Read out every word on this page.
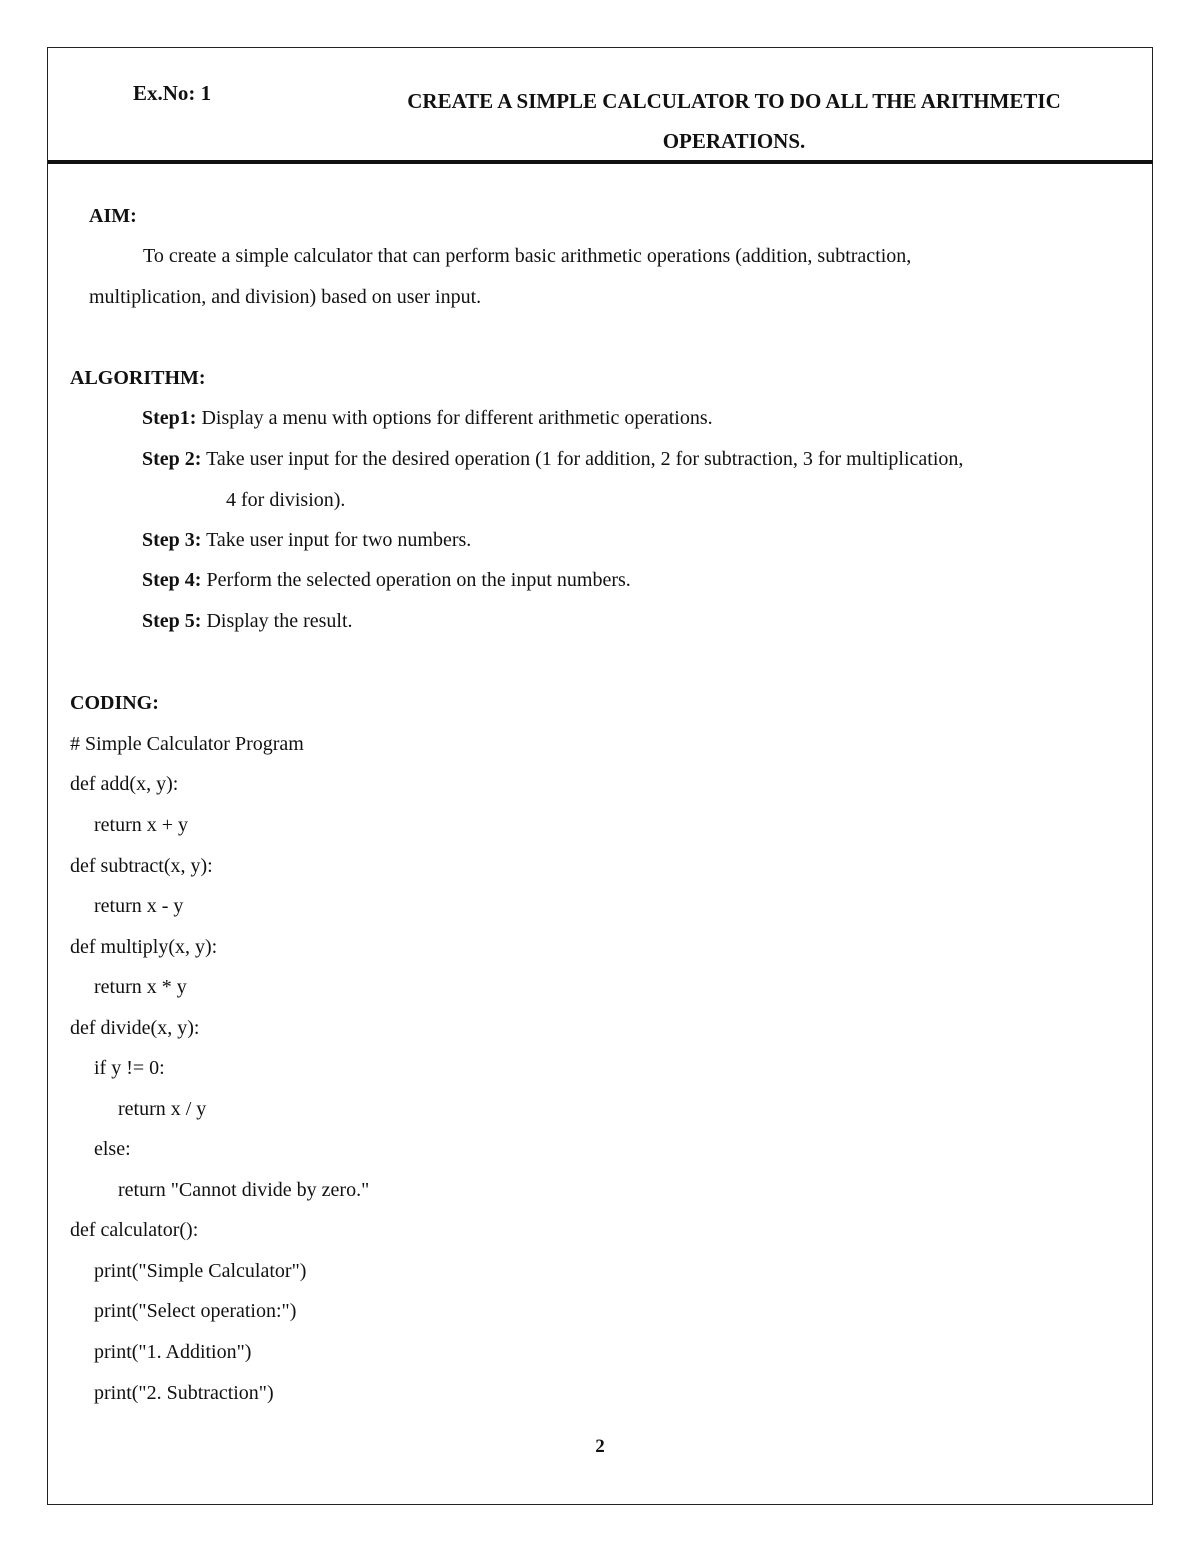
Ex.No: 1	CREATE A SIMPLE CALCULATOR TO DO ALL THE ARITHMETIC OPERATIONS.
AIM:
To create a simple calculator that can perform basic arithmetic operations (addition, subtraction,
multiplication, and division) based on user input.
ALGORITHM:
Step1: Display a menu with options for different arithmetic operations.
Step 2: Take user input for the desired operation (1 for addition, 2 for subtraction, 3 for multiplication,
4 for division).
Step 3: Take user input for two numbers.
Step 4: Perform the selected operation on the input numbers.
Step 5: Display the result.
CODING:
# Simple Calculator Program
def add(x, y):
return x + y
def subtract(x, y):
return x - y
def multiply(x, y):
return x * y
def divide(x, y):
if y != 0:
return x / y
else:
return "Cannot divide by zero."
def calculator():
print("Simple Calculator")
print("Select operation:")
print("1. Addition")
print("2. Subtraction")
2
